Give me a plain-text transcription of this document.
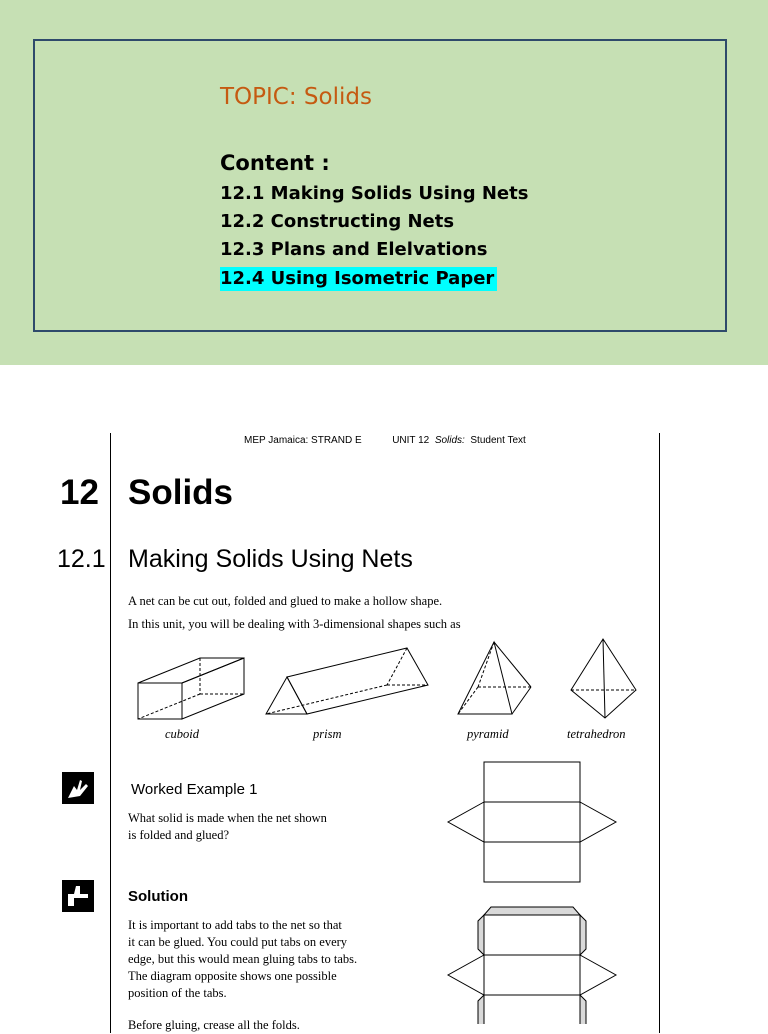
TOPIC: Solids
Content :
12.1 Making Solids Using Nets
12.2 Constructing Nets
12.3 Plans and Elelvations
12.4 Using Isometric Paper
MEP Jamaica: STRAND E	UNIT 12 Solids: Student Text
12 Solids
12.1 Making Solids Using Nets
A net can be cut out, folded and glued to make a hollow shape.
In this unit, you will be dealing with 3-dimensional shapes such as
cuboid	prism	pyramid	tetrahedron
Worked Example 1
What solid is made when the net shown
is folded and glued?
Solution
It is important to add tabs to the net so that
it can be glued. You could put tabs on every
edge, but this would mean gluing tabs to tabs.
The diagram opposite shows one possible
position of the tabs.
Before gluing, crease all the folds.
